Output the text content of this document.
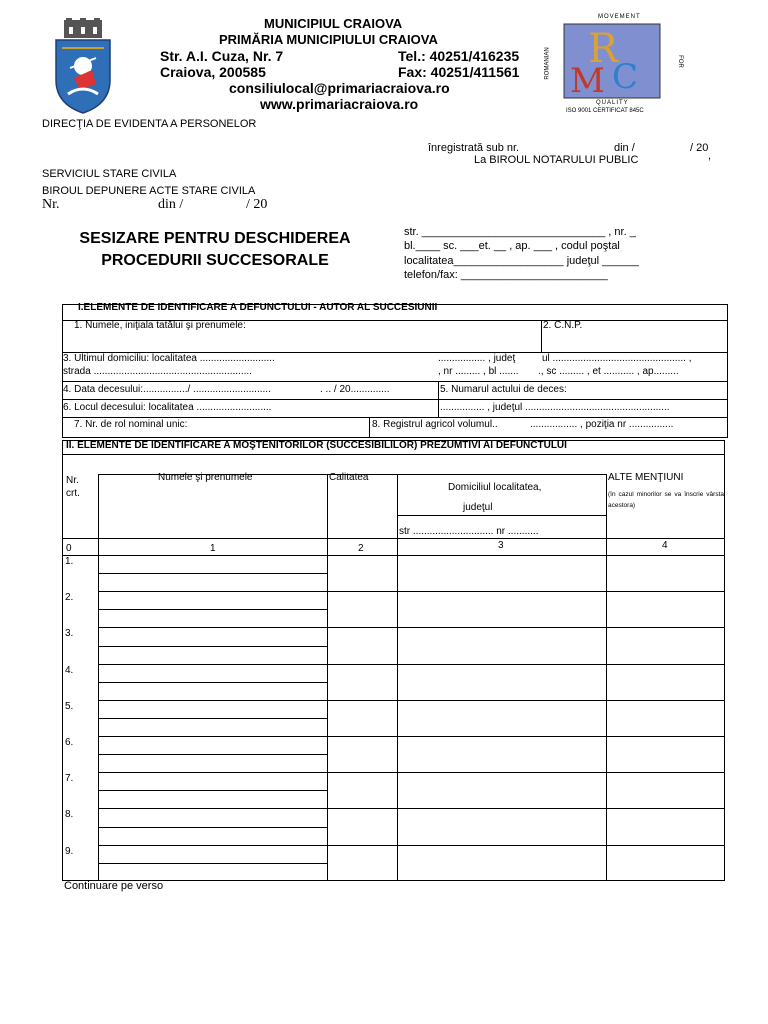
MUNICIPIUL CRAIOVA
PRIMĂRIA MUNICIPIULUI CRAIOVA
Str. A.I. Cuza, Nr. 7	Tel.: 40251/416235
Craiova, 200585	Fax: 40251/411561
consiliulocal@primariacraiova.ro
www.primariacraiova.ro
R
M C
MOVEMENT
ROMANIAN	FOR
QUALITY
ISO 9001 CERTIFICAT 845C
DIRECŢIA DE EVIDENTA A PERSONELOR
înregistrată sub nr.	din /	/ 20
La BIROUL NOTARULUI PUBLIC	,
SERVICIUL STARE CIVILA
BIROUL DEPUNERE ACTE STARE CIVILA
Nr.	din /	/ 20
SESIZARE PENTRU DESCHIDEREA
PROCEDURII SUCCESORALE
str. ______________________________ , nr. _
bl.____ sc. ___et. __ , ap. ___ , codul poştal
localitatea__________________ judeţul ______
telefon/fax: ________________________
I.ELEMENTE DE IDENTIFICARE A DEFUNCTULUI - AUTOR AL SUCCESIUNII
1. Numele, iniţiala tatălui şi prenumele:	2. C.N.P.
3. Ultimul domiciliu: localitatea ...........................	................. , judeţ	ul ................................................ ,
strada .........................................................	, nr ......... , bl ....... ., sc ......... , et ........... , ap.........
4. Data decesului:................/ ............................	. .. / 20..............	5. Numarul actului de deces:
6. Locul decesului: localitatea ...........................	................ , judeţul ....................................................
7. Nr. de rol nominal unic:	8. Registrul agricol volumul..	................. , poziţia nr ................
II. ELEMENTE DE IDENTIFICARE A MOŞTENITORILOR (SUCCESIBILILOR) PREZUMTIVI AI DEFUNCTULUI
Nr.
crt.
Numele şi prenumele	Calitatea
Domiciliul localitatea,
judeţul
str ............................. nr ...........
ALTE MENŢIUNI
(în cazul minorilor se va înscrie vârsta acestora)
0	1	2	3	4
1.
2.
3.
4.
5.
6.
7.
8.
9.
Continuare pe verso
